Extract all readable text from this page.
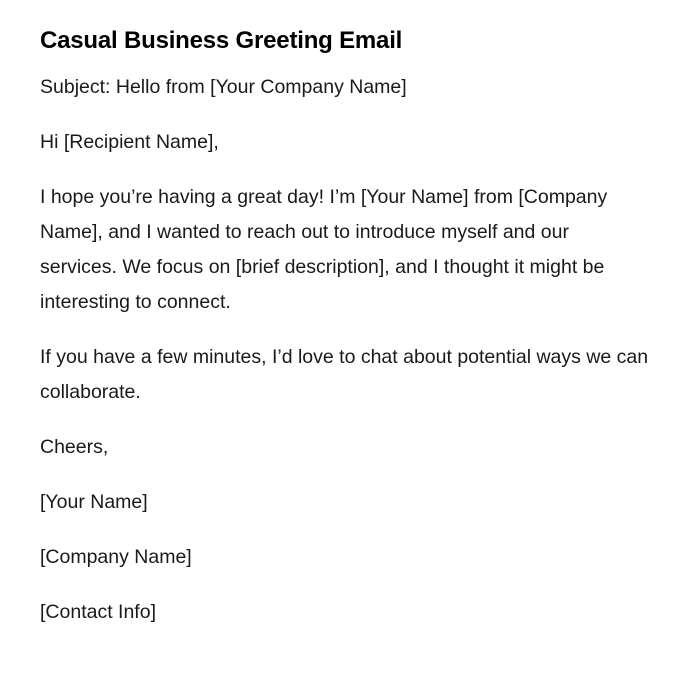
Casual Business Greeting Email

Subject: Hello from [Your Company Name]

Hi [Recipient Name],

I hope you’re having a great day! I’m [Your Name] from [Company Name], and I wanted to reach out to introduce myself and our services. We focus on [brief description], and I thought it might be interesting to connect.

If you have a few minutes, I’d love to chat about potential ways we can collaborate.

Cheers,

[Your Name]

[Company Name]

[Contact Info]
